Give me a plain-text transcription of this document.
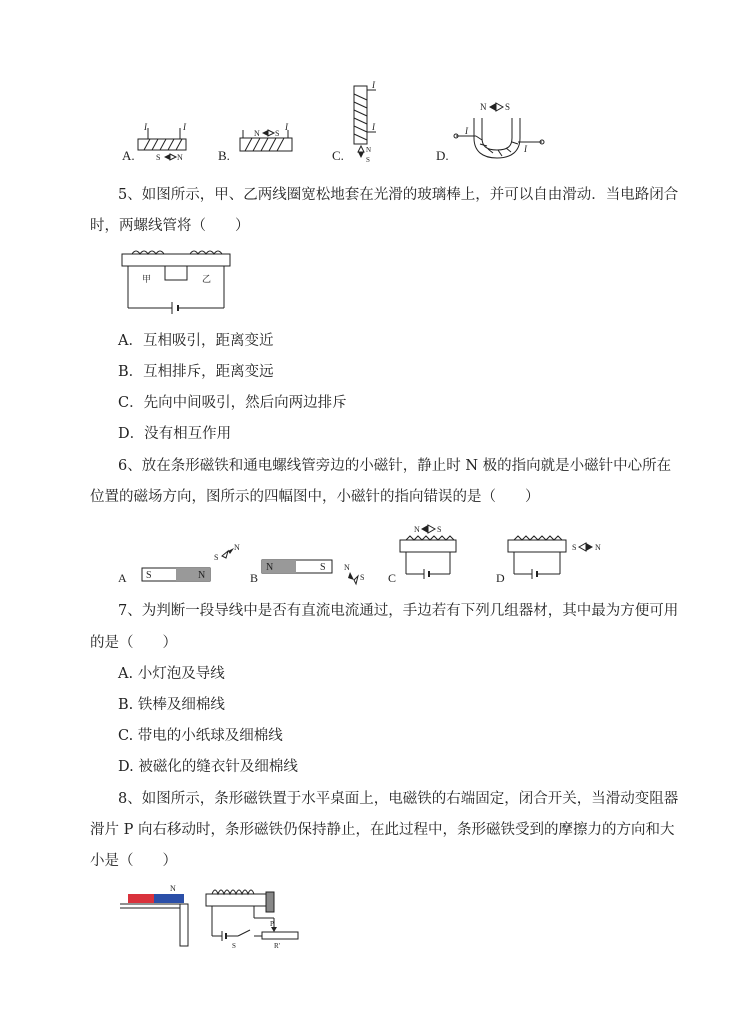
A.
I	I
S N	B.
N S
I
C.
I
I
N
S	D.
N S
I
I
5、如图所示，甲、乙两线圈宽松地套在光滑的玻璃棒上，并可以自由滑动．当电路闭合
时，两螺线管将（　　）
甲	乙
A．互相吸引，距离变近
B．互相排斥，距离变远
C．先向中间吸引，然后向两边排斥
D．没有相互作用
6、放在条形磁铁和通电螺线管旁边的小磁针，静止时 N 极的指向就是小磁针中心所在
位置的磁场方向，图所示的四幅图中，小磁针的指向错误的是（　　）
A S	N
S
N
B
N	S N
S C
N S
D
S N
7、为判断一段导线中是否有直流电流通过，手边若有下列几组器材，其中最为方便可用
的是（　　）
A. 小灯泡及导线
B. 铁棒及细棉线
C. 带电的小纸球及细棉线
D. 被磁化的缝衣针及细棉线
8、如图所示，条形磁铁置于水平桌面上，电磁铁的右端固定，闭合开关，当滑动变阻器
滑片 P 向右移动时，条形磁铁仍保持静止，在此过程中，条形磁铁受到的摩擦力的方向和大
小是（　　）
N
S
P
R'
